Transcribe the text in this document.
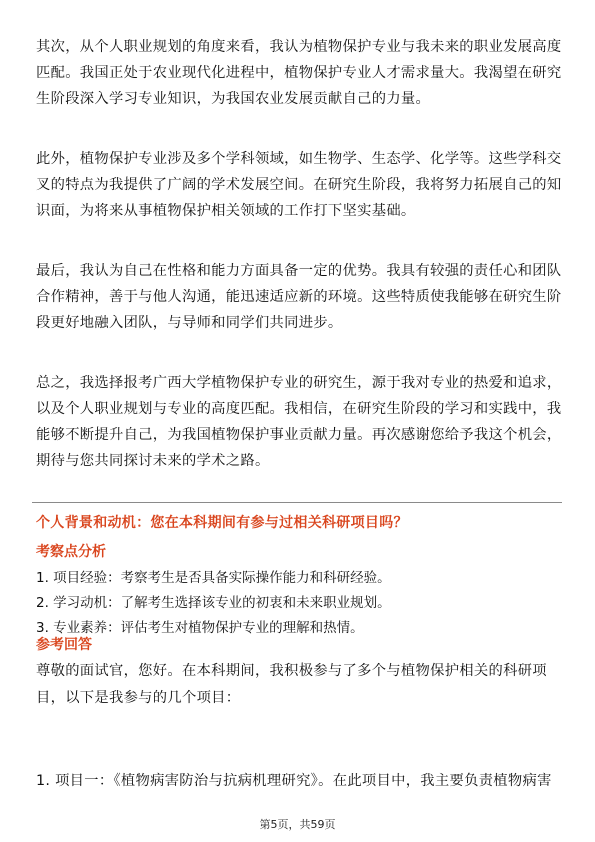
其次，从个人职业规划的角度来看，我认为植物保护专业与我未来的职业发展高度
匹配。我国正处于农业现代化进程中，植物保护专业人才需求量大。我渴望在研究
生阶段深入学习专业知识，为我国农业发展贡献自己的力量。

此外，植物保护专业涉及多个学科领域，如生物学、生态学、化学等。这些学科交
叉的特点为我提供了广阔的学术发展空间。在研究生阶段，我将努力拓展自己的知
识面，为将来从事植物保护相关领域的工作打下坚实基础。

最后，我认为自己在性格和能力方面具备一定的优势。我具有较强的责任心和团队
合作精神，善于与他人沟通，能迅速适应新的环境。这些特质使我能够在研究生阶
段更好地融入团队，与导师和同学们共同进步。

总之，我选择报考广西大学植物保护专业的研究生，源于我对专业的热爱和追求，
以及个人职业规划与专业的高度匹配。我相信，在研究生阶段的学习和实践中，我
能够不断提升自己，为我国植物保护事业贡献力量。再次感谢您给予我这个机会，
期待与您共同探讨未来的学术之路。

个人背景和动机：您在本科期间有参与过相关科研项目吗？
考察点分析
1. 项目经验：考察考生是否具备实际操作能力和科研经验。
2. 学习动机：了解考生选择该专业的初衷和未来职业规划。
3. 专业素养：评估考生对植物保护专业的理解和热情。
参考回答

尊敬的面试官，您好。在本科期间，我积极参与了多个与植物保护相关的科研项
目，以下是我参与的几个项目：

1. 项目一：《植物病害防治与抗病机理研究》。在此项目中，我主要负责植物病害

第5页，共59页
